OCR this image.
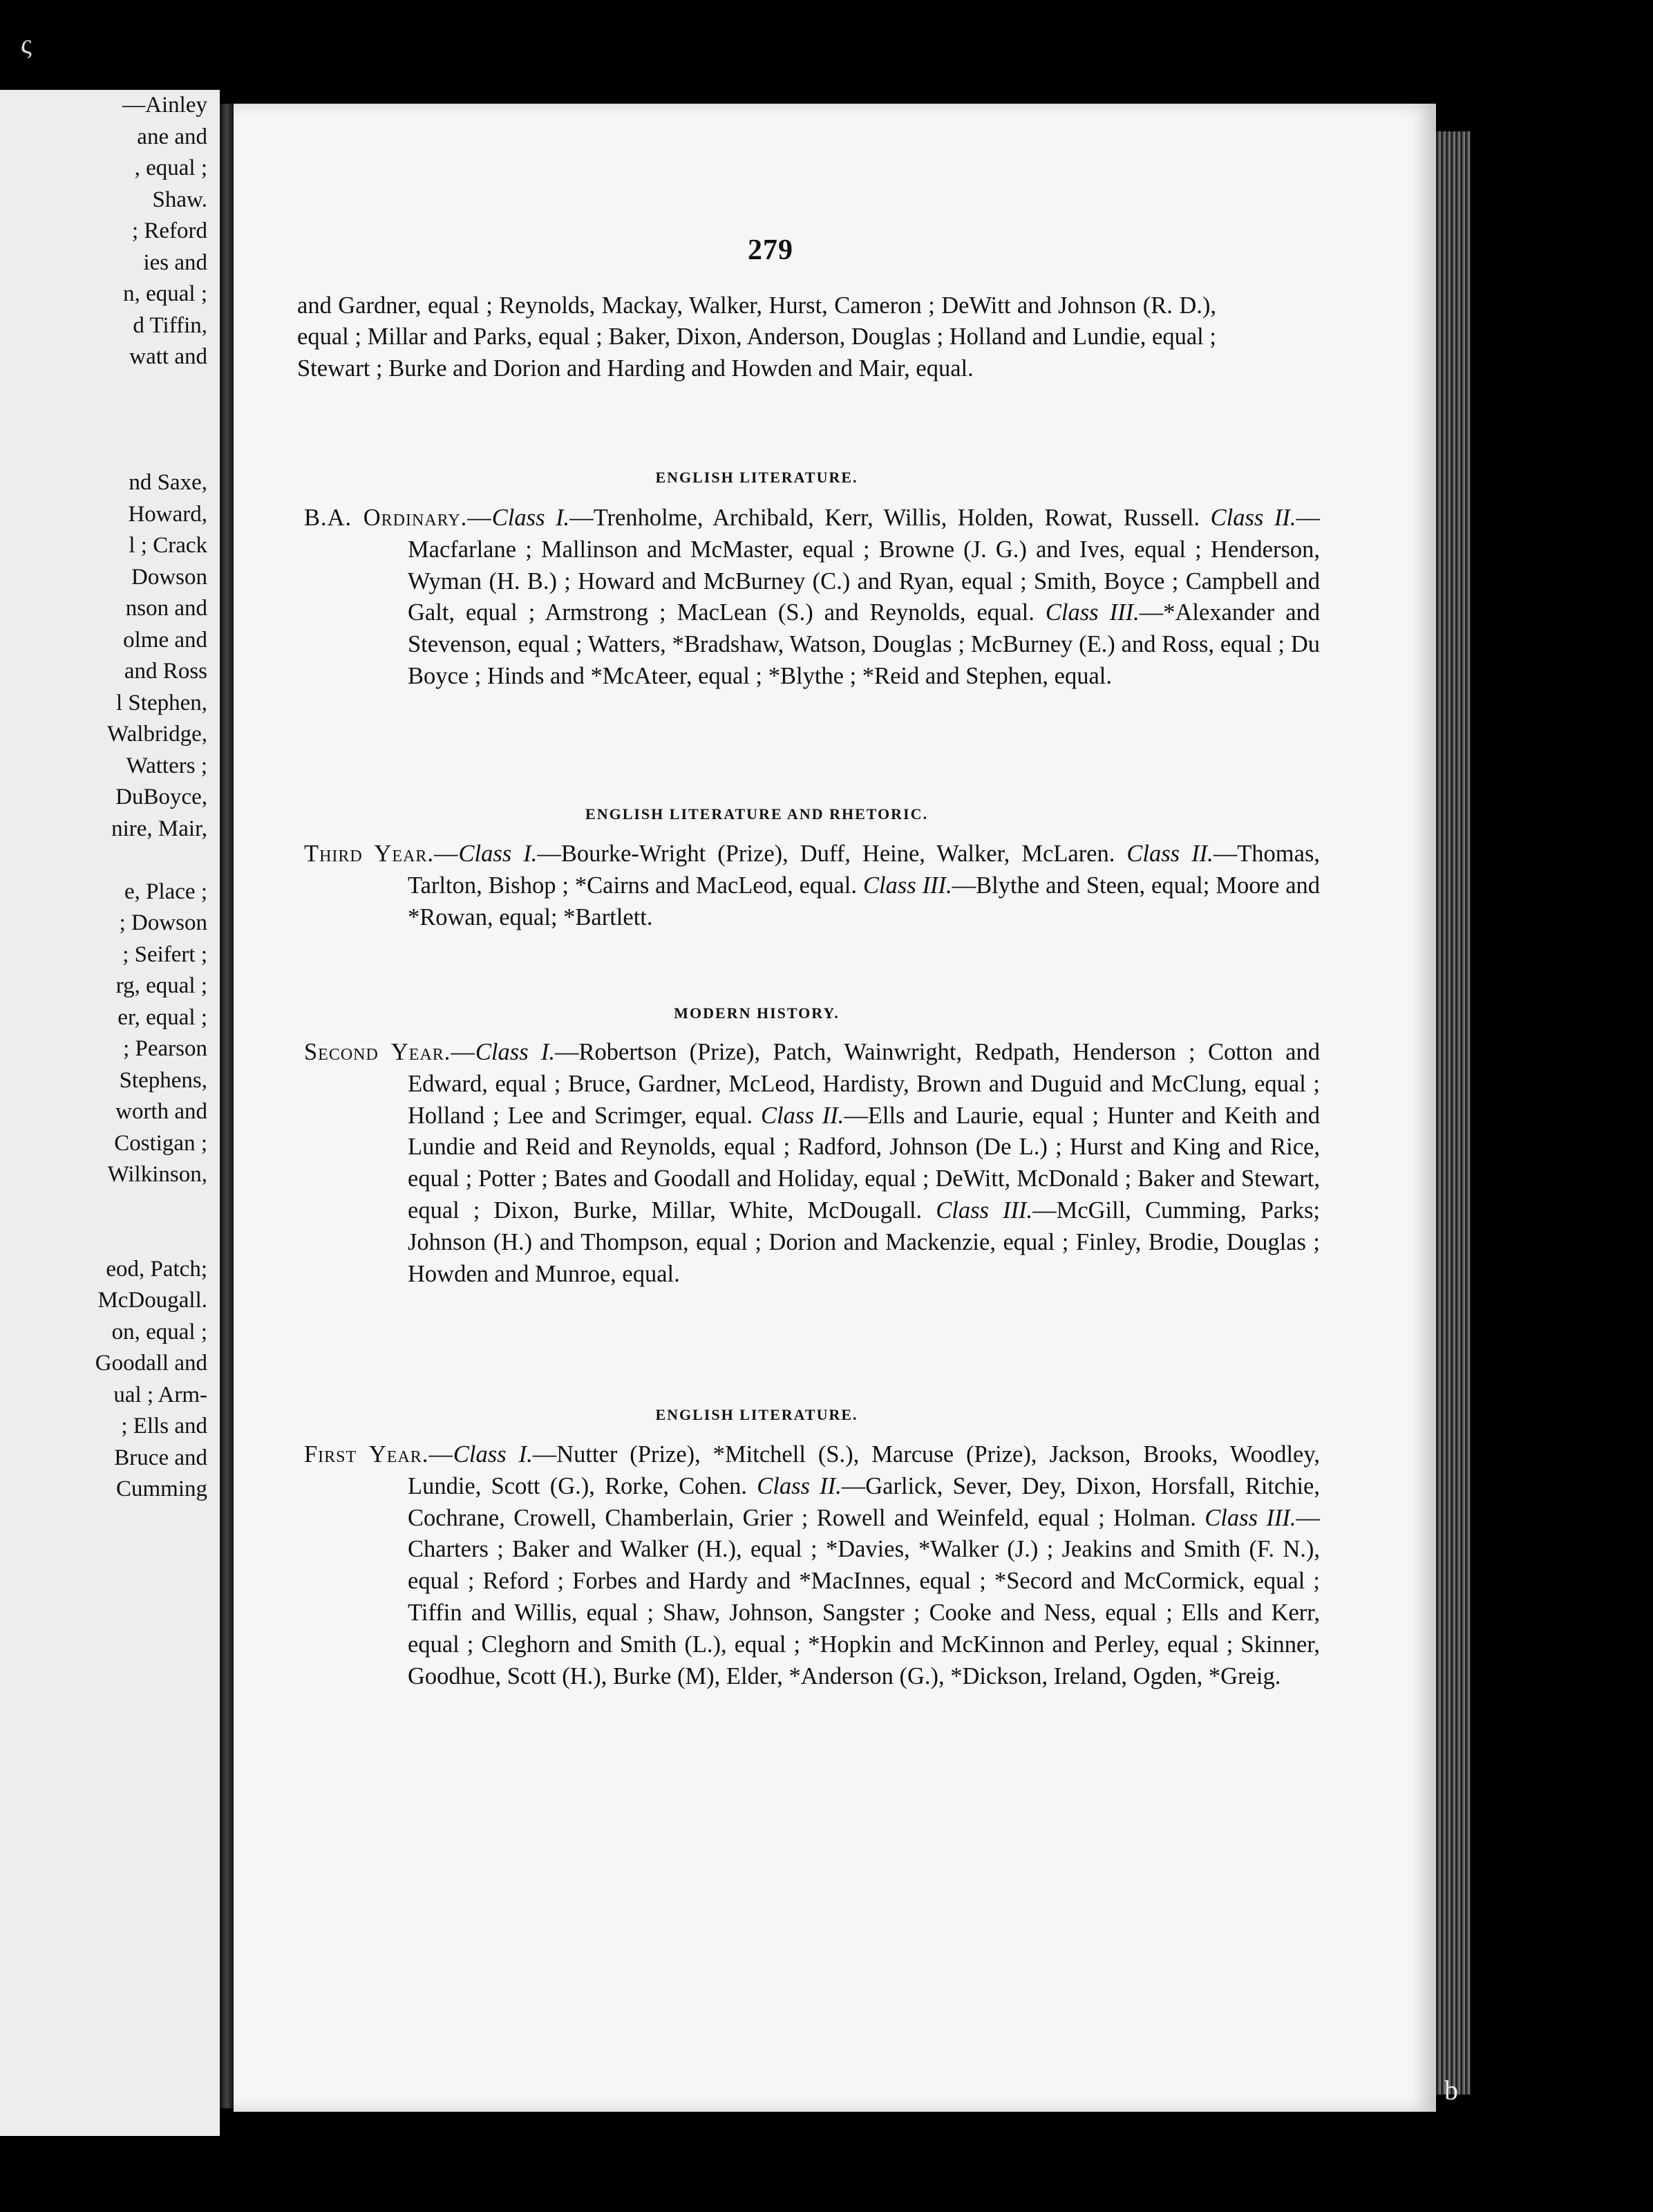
—Ainley
ane and
, equal ;
Shaw.
; Reford
ies and
n, equal ;
d Tiffin,
watt and
nd Saxe,
Howard,
l ; Crack
Dowson
nson and
olme and
and Ross
l Stephen,
Walbridge,
Watters ;
DuBoyce,
nire, Mair,
e, Place ;
; Dowson
; Seifert ;
rg, equal ;
er, equal ;
; Pearson
Stephens,
worth and
Costigan ;
Wilkinson,
eod, Patch;
McDougall.
on, equal ;
Goodall and
ual ; Arm-
; Ells and
Bruce and
Cumming
ς
b
279

and Gardner, equal ; Reynolds, Mackay, Walker, Hurst, Cameron ; DeWitt and Johnson (R. D.), equal ; Millar and Parks, equal ; Baker, Dixon, Anderson, Douglas ; Holland and Lundie, equal ; Stewart ; Burke and Dorion and Harding and Howden and Mair, equal.

ENGLISH LITERATURE.
B.A. Ordinary.—Class I.—Trenholme, Archibald, Kerr, Willis, Holden, Rowat, Russell. Class II.—Macfarlane ; Mallinson and McMaster, equal ; Browne (J. G.) and Ives, equal ; Henderson, Wyman (H. B.) ; Howard and McBurney (C.) and Ryan, equal ; Smith, Boyce ; Campbell and Galt, equal ; Armstrong ; MacLean (S.) and Reynolds, equal. Class III.—*Alexander and Stevenson, equal ; Watters, *Bradshaw, Watson, Douglas ; McBurney (E.) and Ross, equal ; Du Boyce ; Hinds and *McAteer, equal ; *Blythe ; *Reid and Stephen, equal.
ENGLISH LITERATURE AND RHETORIC.
Third Year.—Class I.—Bourke-Wright (Prize), Duff, Heine, Walker, McLaren. Class II.—Thomas, Tarlton, Bishop ; *Cairns and MacLeod, equal. Class III.—Blythe and Steen, equal; Moore and *Rowan, equal; *Bartlett.
MODERN HISTORY.
Second Year.—Class I.—Robertson (Prize), Patch, Wainwright, Redpath, Henderson ; Cotton and Edward, equal ; Bruce, Gardner, McLeod, Hardisty, Brown and Duguid and McClung, equal ; Holland ; Lee and Scrimger, equal. Class II.—Ells and Laurie, equal ; Hunter and Keith and Lundie and Reid and Reynolds, equal ; Radford, Johnson (De L.) ; Hurst and King and Rice, equal ; Potter ; Bates and Goodall and Holiday, equal ; DeWitt, McDonald ; Baker and Stewart, equal ; Dixon, Burke, Millar, White, McDougall. Class III.—McGill, Cumming, Parks; Johnson (H.) and Thompson, equal ; Dorion and Mackenzie, equal ; Finley, Brodie, Douglas ; Howden and Munroe, equal.
ENGLISH LITERATURE.
First Year.—Class I.—Nutter (Prize), *Mitchell (S.), Marcuse (Prize), Jackson, Brooks, Woodley, Lundie, Scott (G.), Rorke, Cohen. Class II.—Garlick, Sever, Dey, Dixon, Horsfall, Ritchie, Cochrane, Crowell, Chamberlain, Grier ; Rowell and Weinfeld, equal ; Holman. Class III.—Charters ; Baker and Walker (H.), equal ; *Davies, *Walker (J.) ; Jeakins and Smith (F. N.), equal ; Reford ; Forbes and Hardy and *MacInnes, equal ; *Secord and McCormick, equal ; Tiffin and Willis, equal ; Shaw, Johnson, Sangster ; Cooke and Ness, equal ; Ells and Kerr, equal ; Cleghorn and Smith (L.), equal ; *Hopkin and McKinnon and Perley, equal ; Skinner, Goodhue, Scott (H.), Burke (M), Elder, *Anderson (G.), *Dickson, Ireland, Ogden, *Greig.
